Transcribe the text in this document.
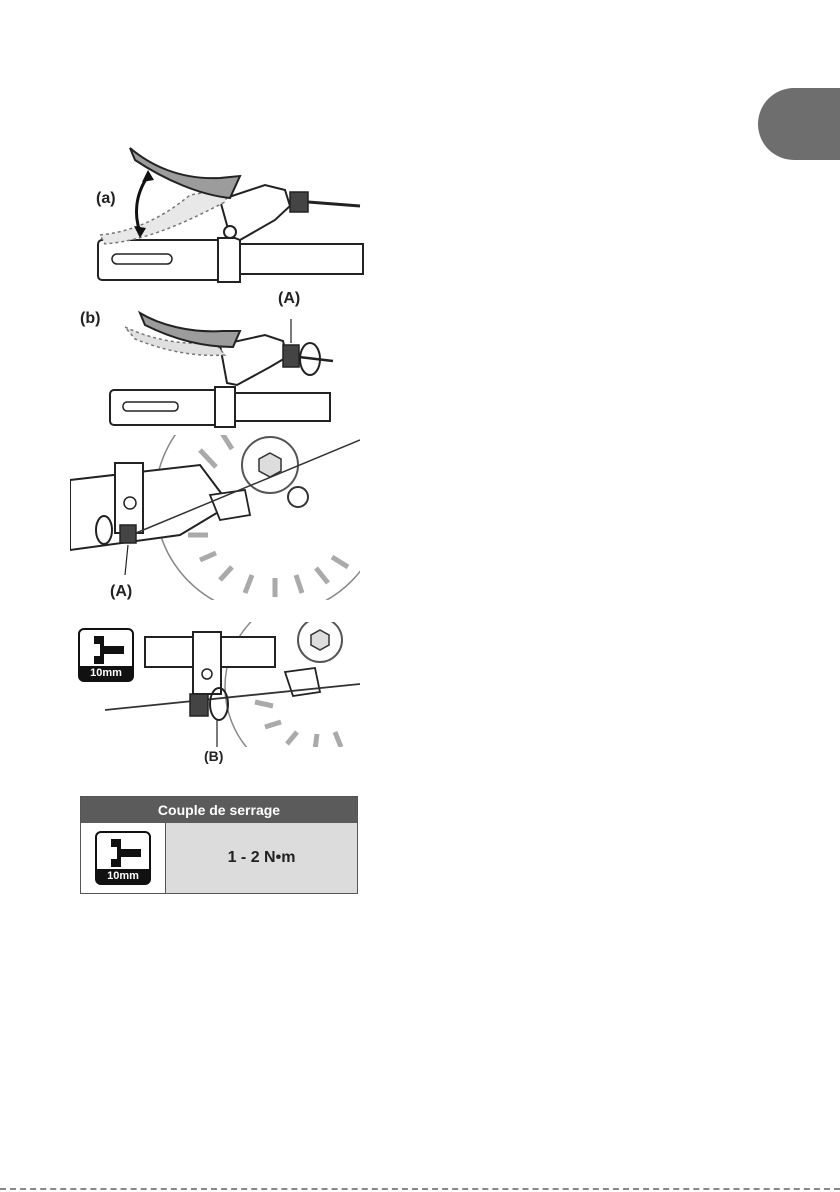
(a)
(b)
(A)
(A)
10mm
(B)
Couple de serrage
10mm
1 - 2 N•m
